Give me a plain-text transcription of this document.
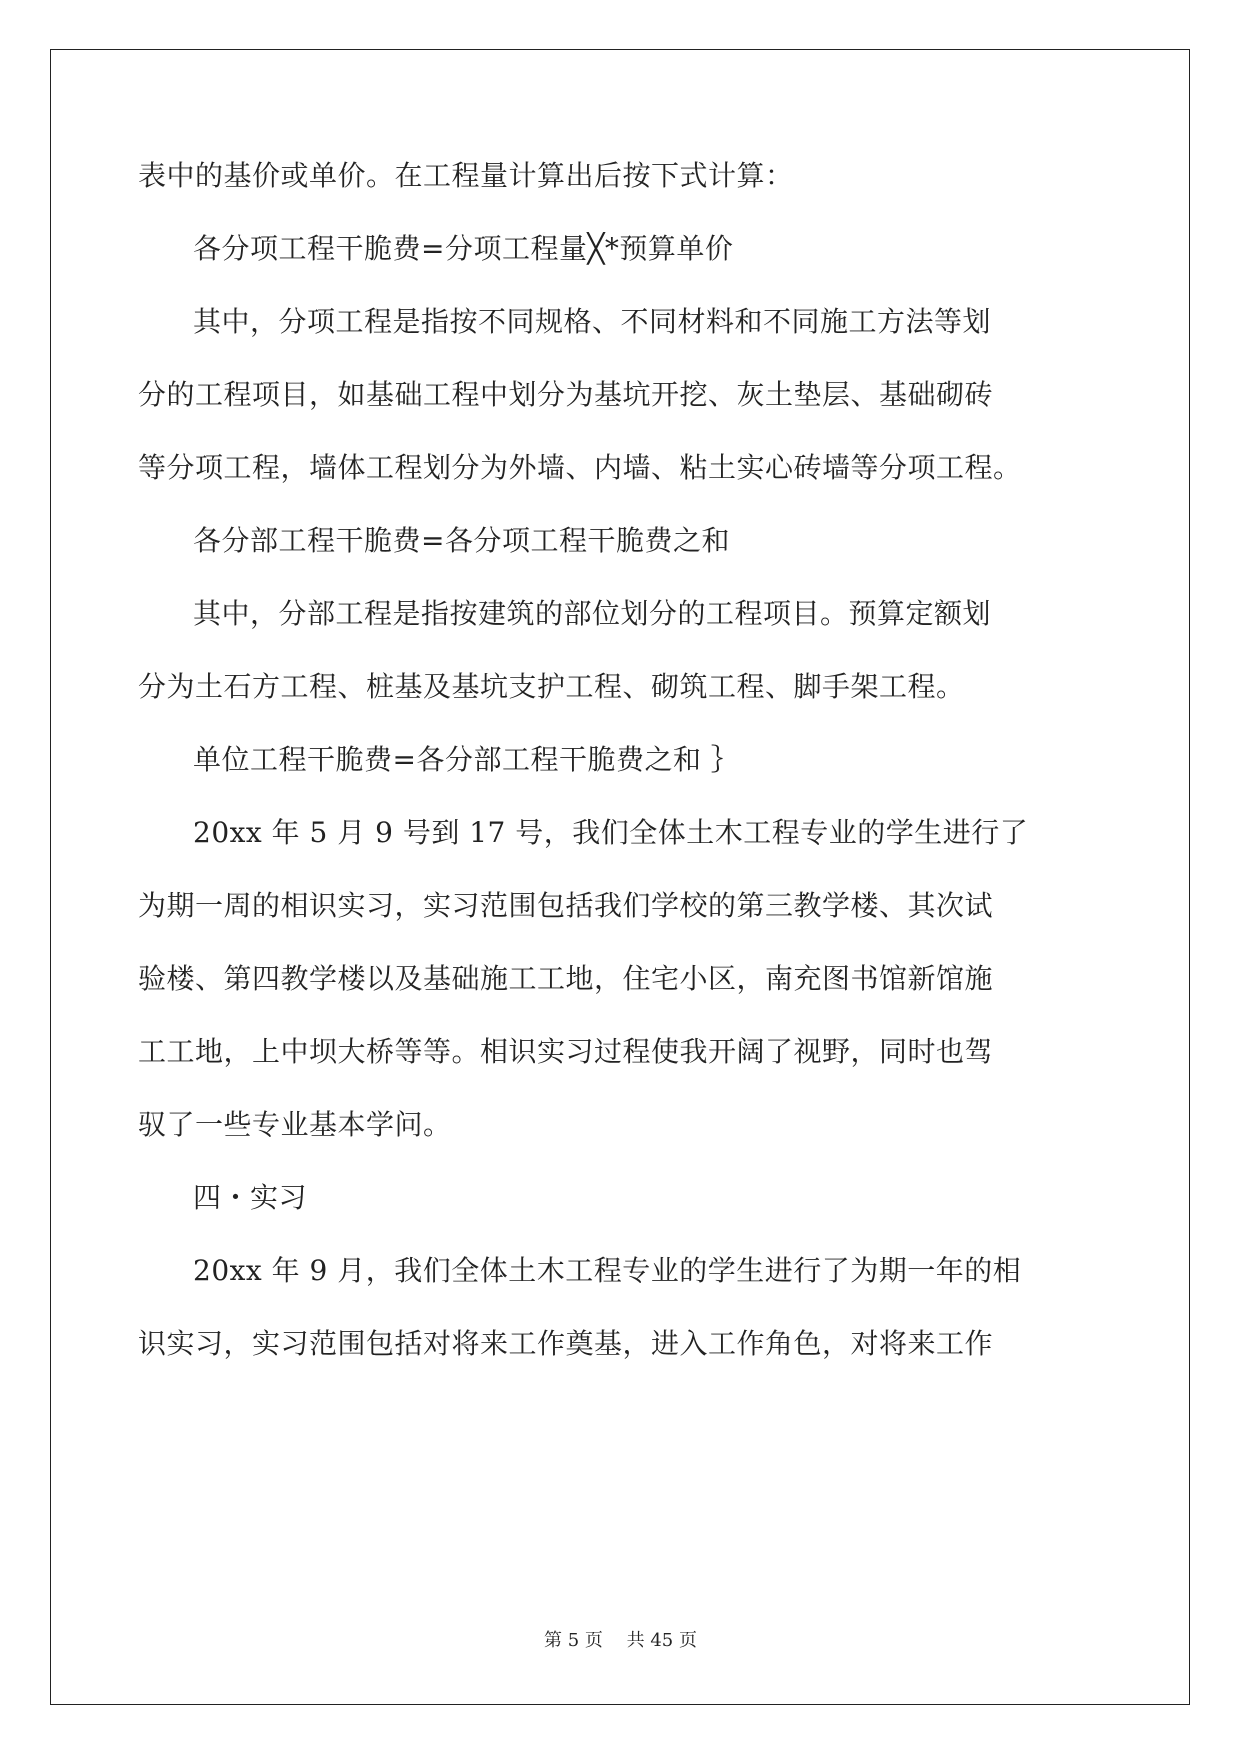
表中的基价或单价。在工程量计算出后按下式计算：
各分项工程干脆费=分项工程量╳*预算单价
其中，分项工程是指按不同规格、不同材料和不同施工方法等划
分的工程项目，如基础工程中划分为基坑开挖、灰土垫层、基础砌砖
等分项工程，墙体工程划分为外墙、内墙、粘土实心砖墙等分项工程。
各分部工程干脆费=各分项工程干脆费之和
其中，分部工程是指按建筑的部位划分的工程项目。预算定额划
分为土石方工程、桩基及基坑支护工程、砌筑工程、脚手架工程。
单位工程干脆费=各分部工程干脆费之和 ｝
20xx 年 5 月 9 号到 17 号，我们全体土木工程专业的学生进行了
为期一周的相识实习，实习范围包括我们学校的第三教学楼、其次试
验楼、第四教学楼以及基础施工工地，住宅小区，南充图书馆新馆施
工工地，上中坝大桥等等。相识实习过程使我开阔了视野，同时也驾
驭了一些专业基本学问。
四・实习
20xx 年 9 月，我们全体土木工程专业的学生进行了为期一年的相
识实习，实习范围包括对将来工作奠基，进入工作角色，对将来工作
第 5 页　 共 45 页
